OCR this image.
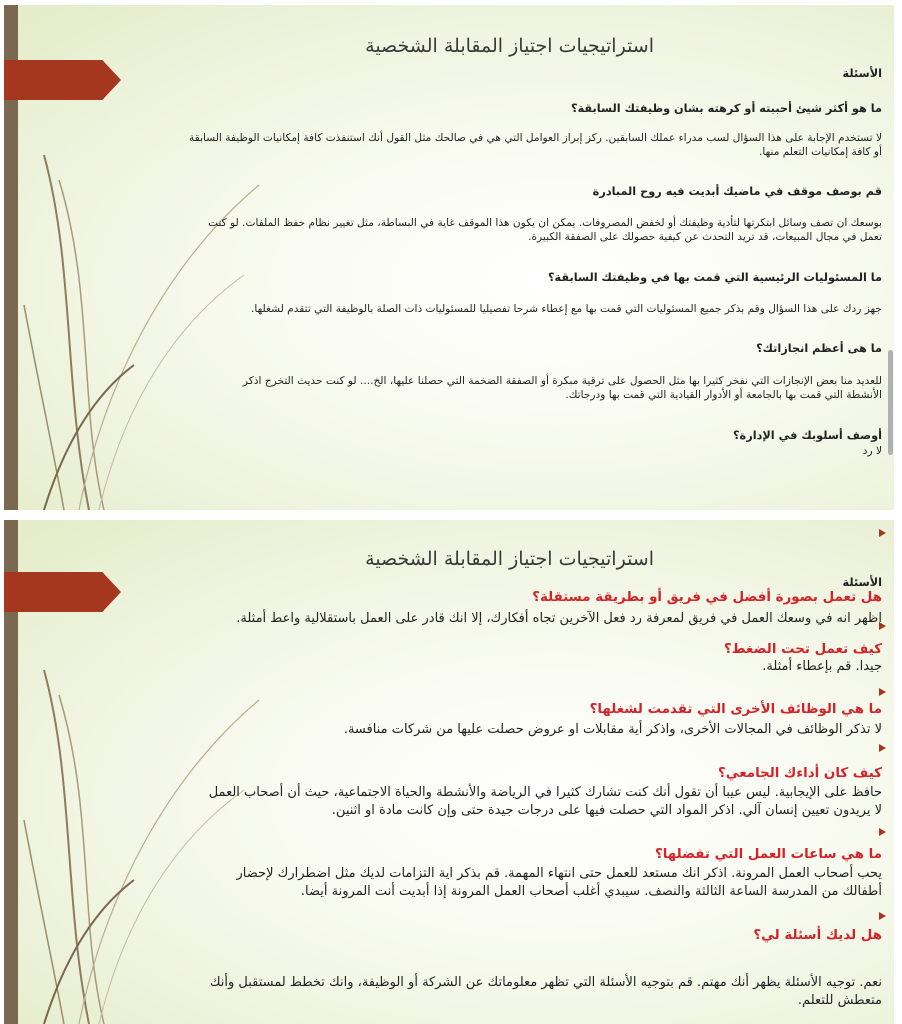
استراتيجيات اجتياز المقابلة الشخصية
الأسئلة
ما هو أكثر شيئ أحببته أو كرهته بشان وظيفتك السابقة؟
لا تستخدم الإجابة على هذا السؤال لسب مدراء عملك السابقين. ركز إبراز العوامل التي هي في صالحك مثل القول أنك استنفذت كافة إمكانيات الوظيفة السابقة
أو كافة إمكانيات التعلم منها.
قم بوصف موقف في ماضيك أبديت فيه روح المبادرة
بوسعك ان تصف وسائل ابتكرتها لتأدية وظيفتك أو لخفض المصروفات. يمكن ان يكون هذا الموقف غاية في البساطة، مثل تغيير نظام حفظ الملفات. لو كنت
تعمل في مجال المبيعات، قد تريد التحدث عن كيفية حصولك على الصفقة الكبيرة.
ما المسئوليات الرئيسية التي قمت بها في وظيفتك السابقة؟
جهز ردك على هذا السؤال وقم بذكر جميع المسئوليات التي قمت بها مع إعطاء شرحا تفصيليا للمسئوليات ذات الصلة بالوظيفة التي تتقدم لشغلها.
ما هى أعظم انجازاتك؟
للعديد منا بعض الإنجازات التي نفخر كثيرا بها مثل الحصول على ترقية مبكرة أو الصفقة الضخمة التي حصلنا عليها، الخ.... لو كنت حديث التخرج اذكر
الأنشطة التي قمت بها بالجامعة أو الأدوار القيادية التي قمت بها ودرجاتك.
أوصف أسلوبك في الإدارة؟
لا رد
استراتيجيات اجتياز المقابلة الشخصية
الأسئلة
هل تعمل بصورة أفضل في فريق أو بطريقة مستقلة؟
اظهر انه في وسعك العمل في فريق لمعرفة رد فعل الآخرين تجاه أفكارك، إلا انك قادر على العمل باستقلالية واعط أمثلة.
كيف تعمل تحت الضغط؟
جيدا. قم بإعطاء أمثلة.
ما هي الوظائف الأخرى التي تقدمت لشغلها؟
لا تذكر الوظائف في المجالات الأخرى، واذكر أية مقابلات او عروض حصلت عليها من شركات منافسة.
كيف كان أداءك الجامعي؟
حافظ على الإيجابية. ليس عيبا أن تقول أنك كنت تشارك كثيرا في الرياضة والأنشطة والحياة الاجتماعية، حيث أن أصحاب العمل
لا يريدون تعيين إنسان آلي. اذكر المواد التي حصلت فيها على درجات جيدة حتى وإن كانت مادة او اثنين.
ما هي ساعات العمل التي تفضلها؟
يحب أصحاب العمل المرونة. اذكر انك مستعد للعمل حتى انتهاء المهمة. قم بذكر اية التزامات لديك مثل اضطرارك لإحضار
أطفالك من المدرسة الساعة الثالثة والنصف. سيبدي أغلب أصحاب العمل المرونة إذا أبديت أنت المرونة أيضا.
هل لديك أسئلة لي؟
نعم. توجيه الأسئلة يظهر أنك مهتم. قم بتوجيه الأسئلة التي تظهر معلوماتك عن الشركة أو الوظيفة، وانك تخطط لمستقبل وأنك
متعطش للتعلم.
